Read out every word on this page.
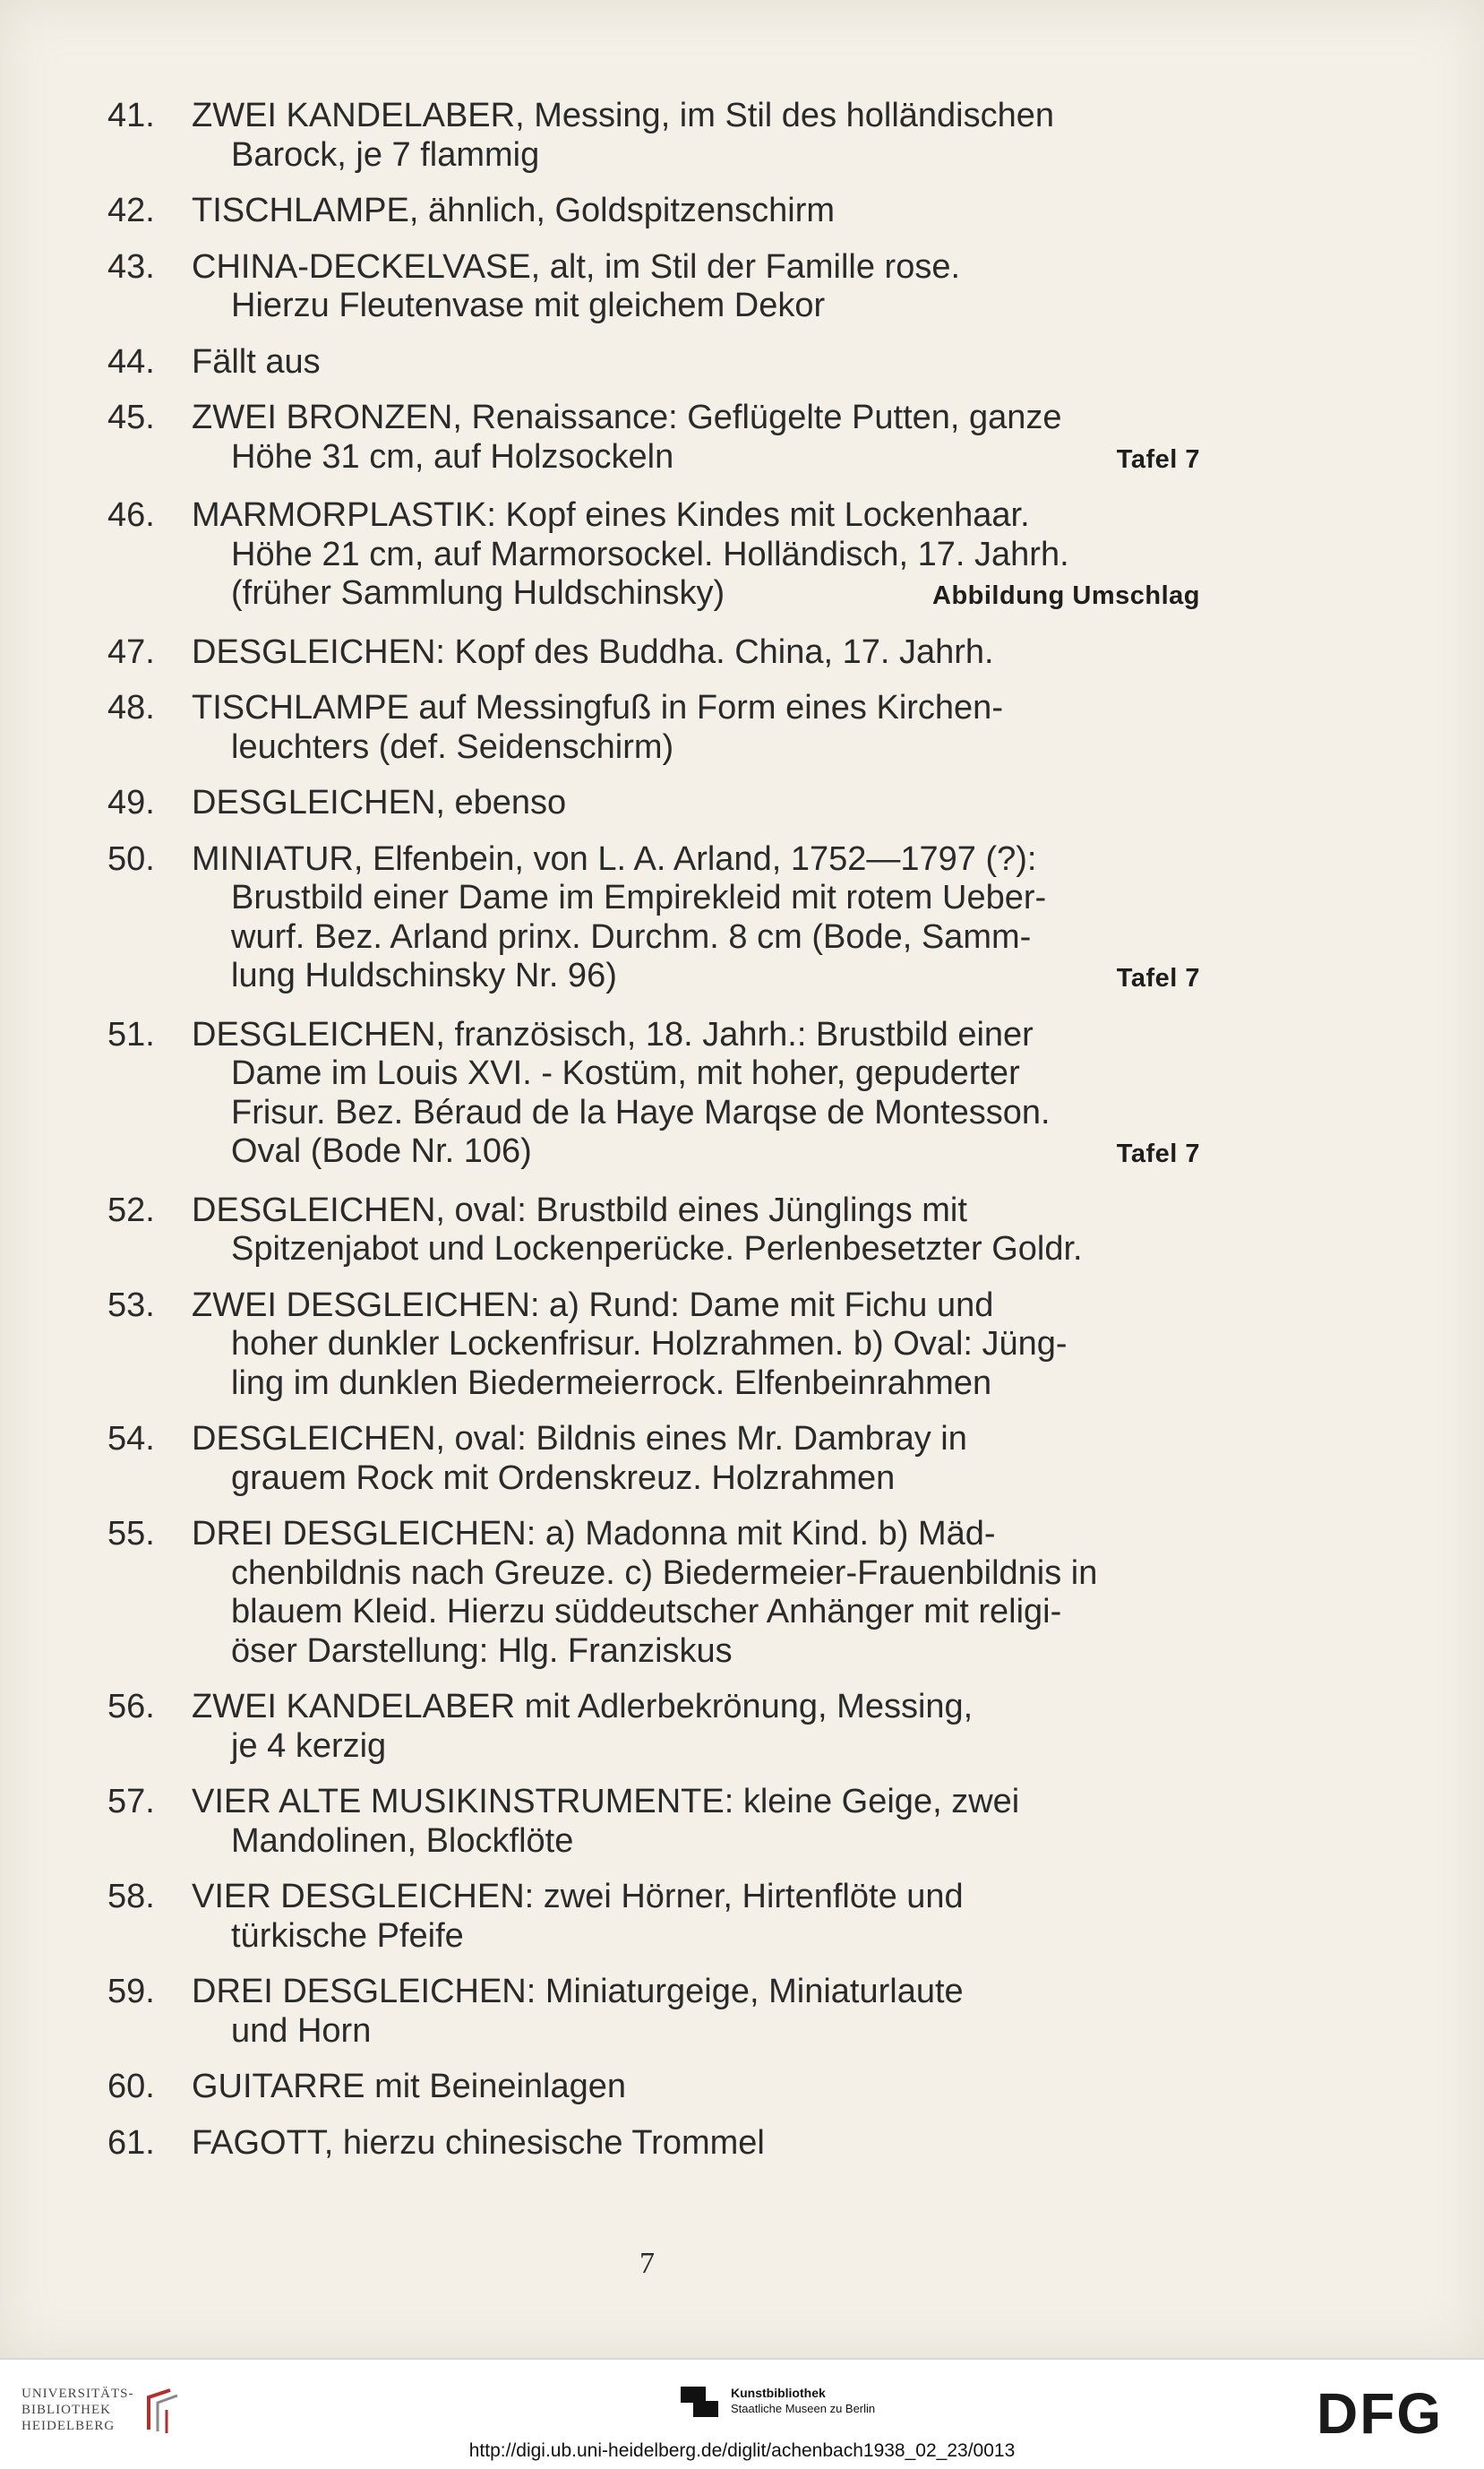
41.	ZWEI KANDELABER, Messing, im Stil des holländischen
Barock, je 7 flammig
42.	TISCHLAMPE, ähnlich, Goldspitzenschirm
43.	CHINA-DECKELVASE, alt, im Stil der Famille rose.
Hierzu Fleutenvase mit gleichem Dekor
44.	Fällt aus
45.	ZWEI BRONZEN, Renaissance: Geflügelte Putten, ganze
Höhe 31 cm, auf Holzsockeln	Tafel 7
46.	MARMORPLASTIK: Kopf eines Kindes mit Lockenhaar.
Höhe 21 cm, auf Marmorsockel. Holländisch, 17. Jahrh.
(früher Sammlung Huldschinsky)	Abbildung Umschlag
47.	DESGLEICHEN: Kopf des Buddha. China, 17. Jahrh.
48.	TISCHLAMPE auf Messingfuß in Form eines Kirchen-
leuchters (def. Seidenschirm)
49.	DESGLEICHEN, ebenso
50.	MINIATUR, Elfenbein, von L. A. Arland, 1752—1797 (?):
Brustbild einer Dame im Empirekleid mit rotem Ueber-
wurf. Bez. Arland prinx. Durchm. 8 cm (Bode, Samm-
lung Huldschinsky Nr. 96)	Tafel 7
51.	DESGLEICHEN, französisch, 18. Jahrh.: Brustbild einer
Dame im Louis XVI. - Kostüm, mit hoher, gepuderter
Frisur. Bez. Béraud de la Haye Marqse de Montesson.
Oval (Bode Nr. 106)	Tafel 7
52.	DESGLEICHEN, oval: Brustbild eines Jünglings mit
Spitzenjabot und Lockenperücke. Perlenbesetzter Goldr.
53.	ZWEI DESGLEICHEN: a) Rund: Dame mit Fichu und
hoher dunkler Lockenfrisur. Holzrahmen. b) Oval: Jüng-
ling im dunklen Biedermeierrock. Elfenbeinrahmen
54.	DESGLEICHEN, oval: Bildnis eines Mr. Dambray in
grauem Rock mit Ordenskreuz. Holzrahmen
55.	DREI DESGLEICHEN: a) Madonna mit Kind. b) Mäd-
chenbildnis nach Greuze. c) Biedermeier-Frauenbildnis in
blauem Kleid. Hierzu süddeutscher Anhänger mit religi-
öser Darstellung: Hlg. Franziskus
56.	ZWEI KANDELABER mit Adlerbekrönung, Messing,
je 4 kerzig
57.	VIER ALTE MUSIKINSTRUMENTE: kleine Geige, zwei
Mandolinen, Blockflöte
58.	VIER DESGLEICHEN: zwei Hörner, Hirtenflöte und
türkische Pfeife
59.	DREI DESGLEICHEN: Miniaturgeige, Miniaturlaute
und Horn
60.	GUITARRE mit Beineinlagen
61.	FAGOTT, hierzu chinesische Trommel
7
UNIVERSITÄTS-
BIBLIOTHEK
HEIDELBERG
Kunstbibliothek
Staatliche Museen zu Berlin	DFG
http://digi.ub.uni-heidelberg.de/diglit/achenbach1938_02_23/0013
